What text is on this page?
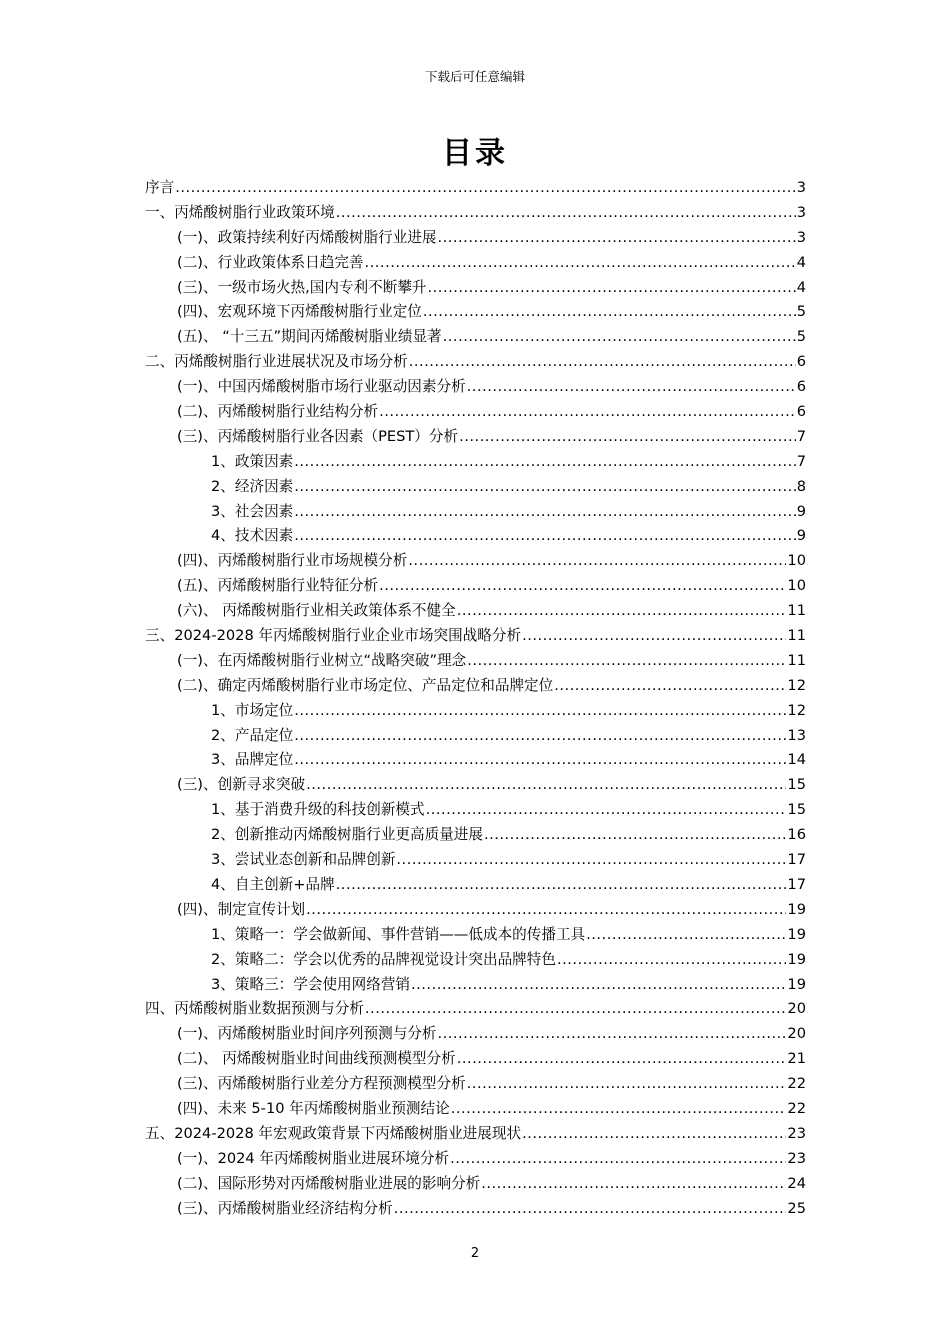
下载后可任意编辑
目录
序言 .....	3
一、丙烯酸树脂行业政策环境 .....	3
(一)、政策持续利好丙烯酸树脂行业进展 .....	3
(二)、行业政策体系日趋完善 .....	4
(三)、一级市场火热,国内专利不断攀升 .....	4
(四)、宏观环境下丙烯酸树脂行业定位 .....	5
(五)、 “十三五”期间丙烯酸树脂业绩显著 .....	5
二、丙烯酸树脂行业进展状况及市场分析 .....	6
(一)、中国丙烯酸树脂市场行业驱动因素分析 .....	6
(二)、丙烯酸树脂行业结构分析 .....	6
(三)、丙烯酸树脂行业各因素（PEST）分析 .....	7
1、政策因素 .....	7
2、经济因素 .....	8
3、社会因素 .....	9
4、技术因素 .....	9
(四)、丙烯酸树脂行业市场规模分析 .....	10
(五)、丙烯酸树脂行业特征分析 .....	10
(六)、 丙烯酸树脂行业相关政策体系不健全 .....	11
三、2024-2028 年丙烯酸树脂行业企业市场突围战略分析 .....	11
(一)、在丙烯酸树脂行业树立“战略突破”理念 .....	11
(二)、确定丙烯酸树脂行业市场定位、产品定位和品牌定位 .....	12
1、市场定位 .....	12
2、产品定位 .....	13
3、品牌定位 .....	14
(三)、创新寻求突破 .....	15
1、基于消费升级的科技创新模式 .....	15
2、创新推动丙烯酸树脂行业更高质量进展 .....	16
3、尝试业态创新和品牌创新 .....	17
4、自主创新+品牌 .....	17
(四)、制定宣传计划 .....	19
1、策略一：学会做新闻、事件营销——低成本的传播工具 .....	19
2、策略二：学会以优秀的品牌视觉设计突出品牌特色 .....	19
3、策略三：学会使用网络营销 .....	19
四、丙烯酸树脂业数据预测与分析 .....	20
(一)、丙烯酸树脂业时间序列预测与分析 .....	20
(二)、 丙烯酸树脂业时间曲线预测模型分析 .....	21
(三)、丙烯酸树脂行业差分方程预测模型分析 .....	22
(四)、未来 5-10 年丙烯酸树脂业预测结论 .....	22
五、2024-2028 年宏观政策背景下丙烯酸树脂业进展现状 .....	23
(一)、2024 年丙烯酸树脂业进展环境分析 .....	23
(二)、国际形势对丙烯酸树脂业进展的影响分析 .....	24
(三)、丙烯酸树脂业经济结构分析 .....	25
2
